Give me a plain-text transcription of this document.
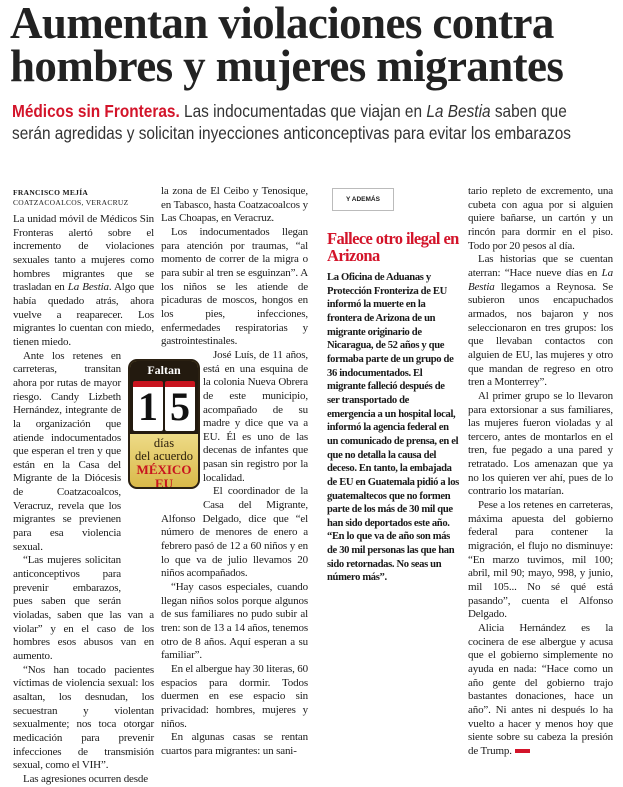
Aumentan violaciones contra
hombres y mujeres migrantes
Médicos sin Fronteras. Las indocumentadas que viajan en La Bestia saben que
serán agredidas y solicitan inyecciones anticonceptivas para evitar los embarazos
FRANCISCO MEJÍA
COATZACOALCOS, VERACRUZ

La unidad móvil de Médicos Sin Fronteras alertó sobre el incremento de violaciones sexuales tanto a mujeres como hombres migrantes que se trasladan en La Bestia. Algo que había quedado atrás, ahora vuelve a reaparecer. Los migrantes lo cuentan con miedo, tienen miedo.

Ante los retenes en carreteras, transitan ahora por rutas de mayor riesgo. Candy Lizbeth Hernández, integrante de la organización que atiende indocumentados que esperan el tren y que están en la Casa del Migrante de la Diócesis de Coatzacoalcos, Veracruz, revela que los migrantes se previenen para esa violencia sexual.

“Las mujeres solicitan anticonceptivos para prevenir embarazos, pues saben que serán violadas, saben que las van a violar” y en el caso de los hombres esos abusos van en aumento.

“Nos han tocado pacientes víctimas de violencia sexual: los asaltan, los desnudan, los secuestran y violentan sexualmente; nos toca otorgar medicación para prevenir infecciones de transmisión sexual, como el VIH”.

Las agresiones ocurren desde

la zona de El Ceibo y Tenosique, en Tabasco, hasta Coatzacoalcos y Las Choapas, en Veracruz.

Los indocumentados llegan para atención por traumas, “al momento de correr de la migra o para subir al tren se esguinzan”. A los niños se les atiende de picaduras de moscos, hongos en los pies, infecciones, enfermedades respiratorias y gastrointestinales.

José Luís, de 11 años, está en una esquina de la colonia Nueva Obrera de este municipio, acompañado de su madre y dice que va a EU. Él es uno de las decenas de infantes que pasan sin registro por la localidad.

El coordinador de la Casa del Migrante, Alfonso Delgado, dice que “el número de menores de enero a febrero pasó de 12 a 60 niños y en lo que va de julio llevamos 20 niños acompañados.

“Hay casos especiales, cuando llegan niños solos porque algunos de sus familiares no pudo subir al tren: son de 13 a 14 años, tenemos otro de 8 años. Aquí esperan a su familiar”.

En el albergue hay 30 literas, 60 espacios para dormir. Todos duermen en ese espacio sin privacidad: hombres, mujeres y niños.

En algunas casas se rentan cuartos para migrantes: un sani-

Faltan
1 5
días
del acuerdo
MÉXICO
EU
Y ADEMÁS
Fallece otro ilegal en Arizona
La Oficina de Aduanas y Protección Fronteriza de EU informó la muerte en la frontera de Arizona de un migrante originario de Nicaragua, de 52 años y que formaba parte de un grupo de 36 indocumentados. El migrante falleció después de ser transportado de emergencia a un hospital local, informó la agencia federal en un comunicado de prensa, en el que no detalla la causa del deceso. En tanto, la embajada de EU en Guatemala pidió a los guatemaltecos que no formen parte de los más de 30 mil que han sido deportados este año. “En lo que va de año son más de 30 mil personas las que han sido retornadas. No seas un número más”.

tario repleto de excremento, una cubeta con agua por si alguien quiere bañarse, un cartón y un rincón para dormir en el piso. Todo por 20 pesos al día.

Las historias que se cuentan aterran: “Hace nueve días en La Bestia llegamos a Reynosa. Se subieron unos encapuchados armados, nos bajaron y nos seleccionaron en tres grupos: los que llevaban contactos con alguien de EU, las mujeres y otro que mandan de regreso en otro tren a Monterrey”.

Al primer grupo se lo llevaron para extorsionar a sus familiares, las mujeres fueron violadas y al tercero, antes de montarlos en el tren, fue pegado a una pared y retratado. Los amenazan que ya no los quieren ver ahí, pues de lo contrario los matarían.

Pese a los retenes en carreteras, máxima apuesta del gobierno federal para contener la migración, el flujo no disminuye: “En marzo tuvimos, mil 100; abril, mil 90; mayo, 998, y junio, mil 105... No sé qué está pasando”, cuenta el Alfonso Delgado.

Alicia Hernández es la cocinera de ese albergue y acusa que el gobierno simplemente no ayuda en nada: “Hace como un año gente del gobierno trajo bastantes donaciones, hace un año”. Ni antes ni después lo ha vuelto a hacer y menos hoy que siente sobre su cabeza la presión de Trump.
